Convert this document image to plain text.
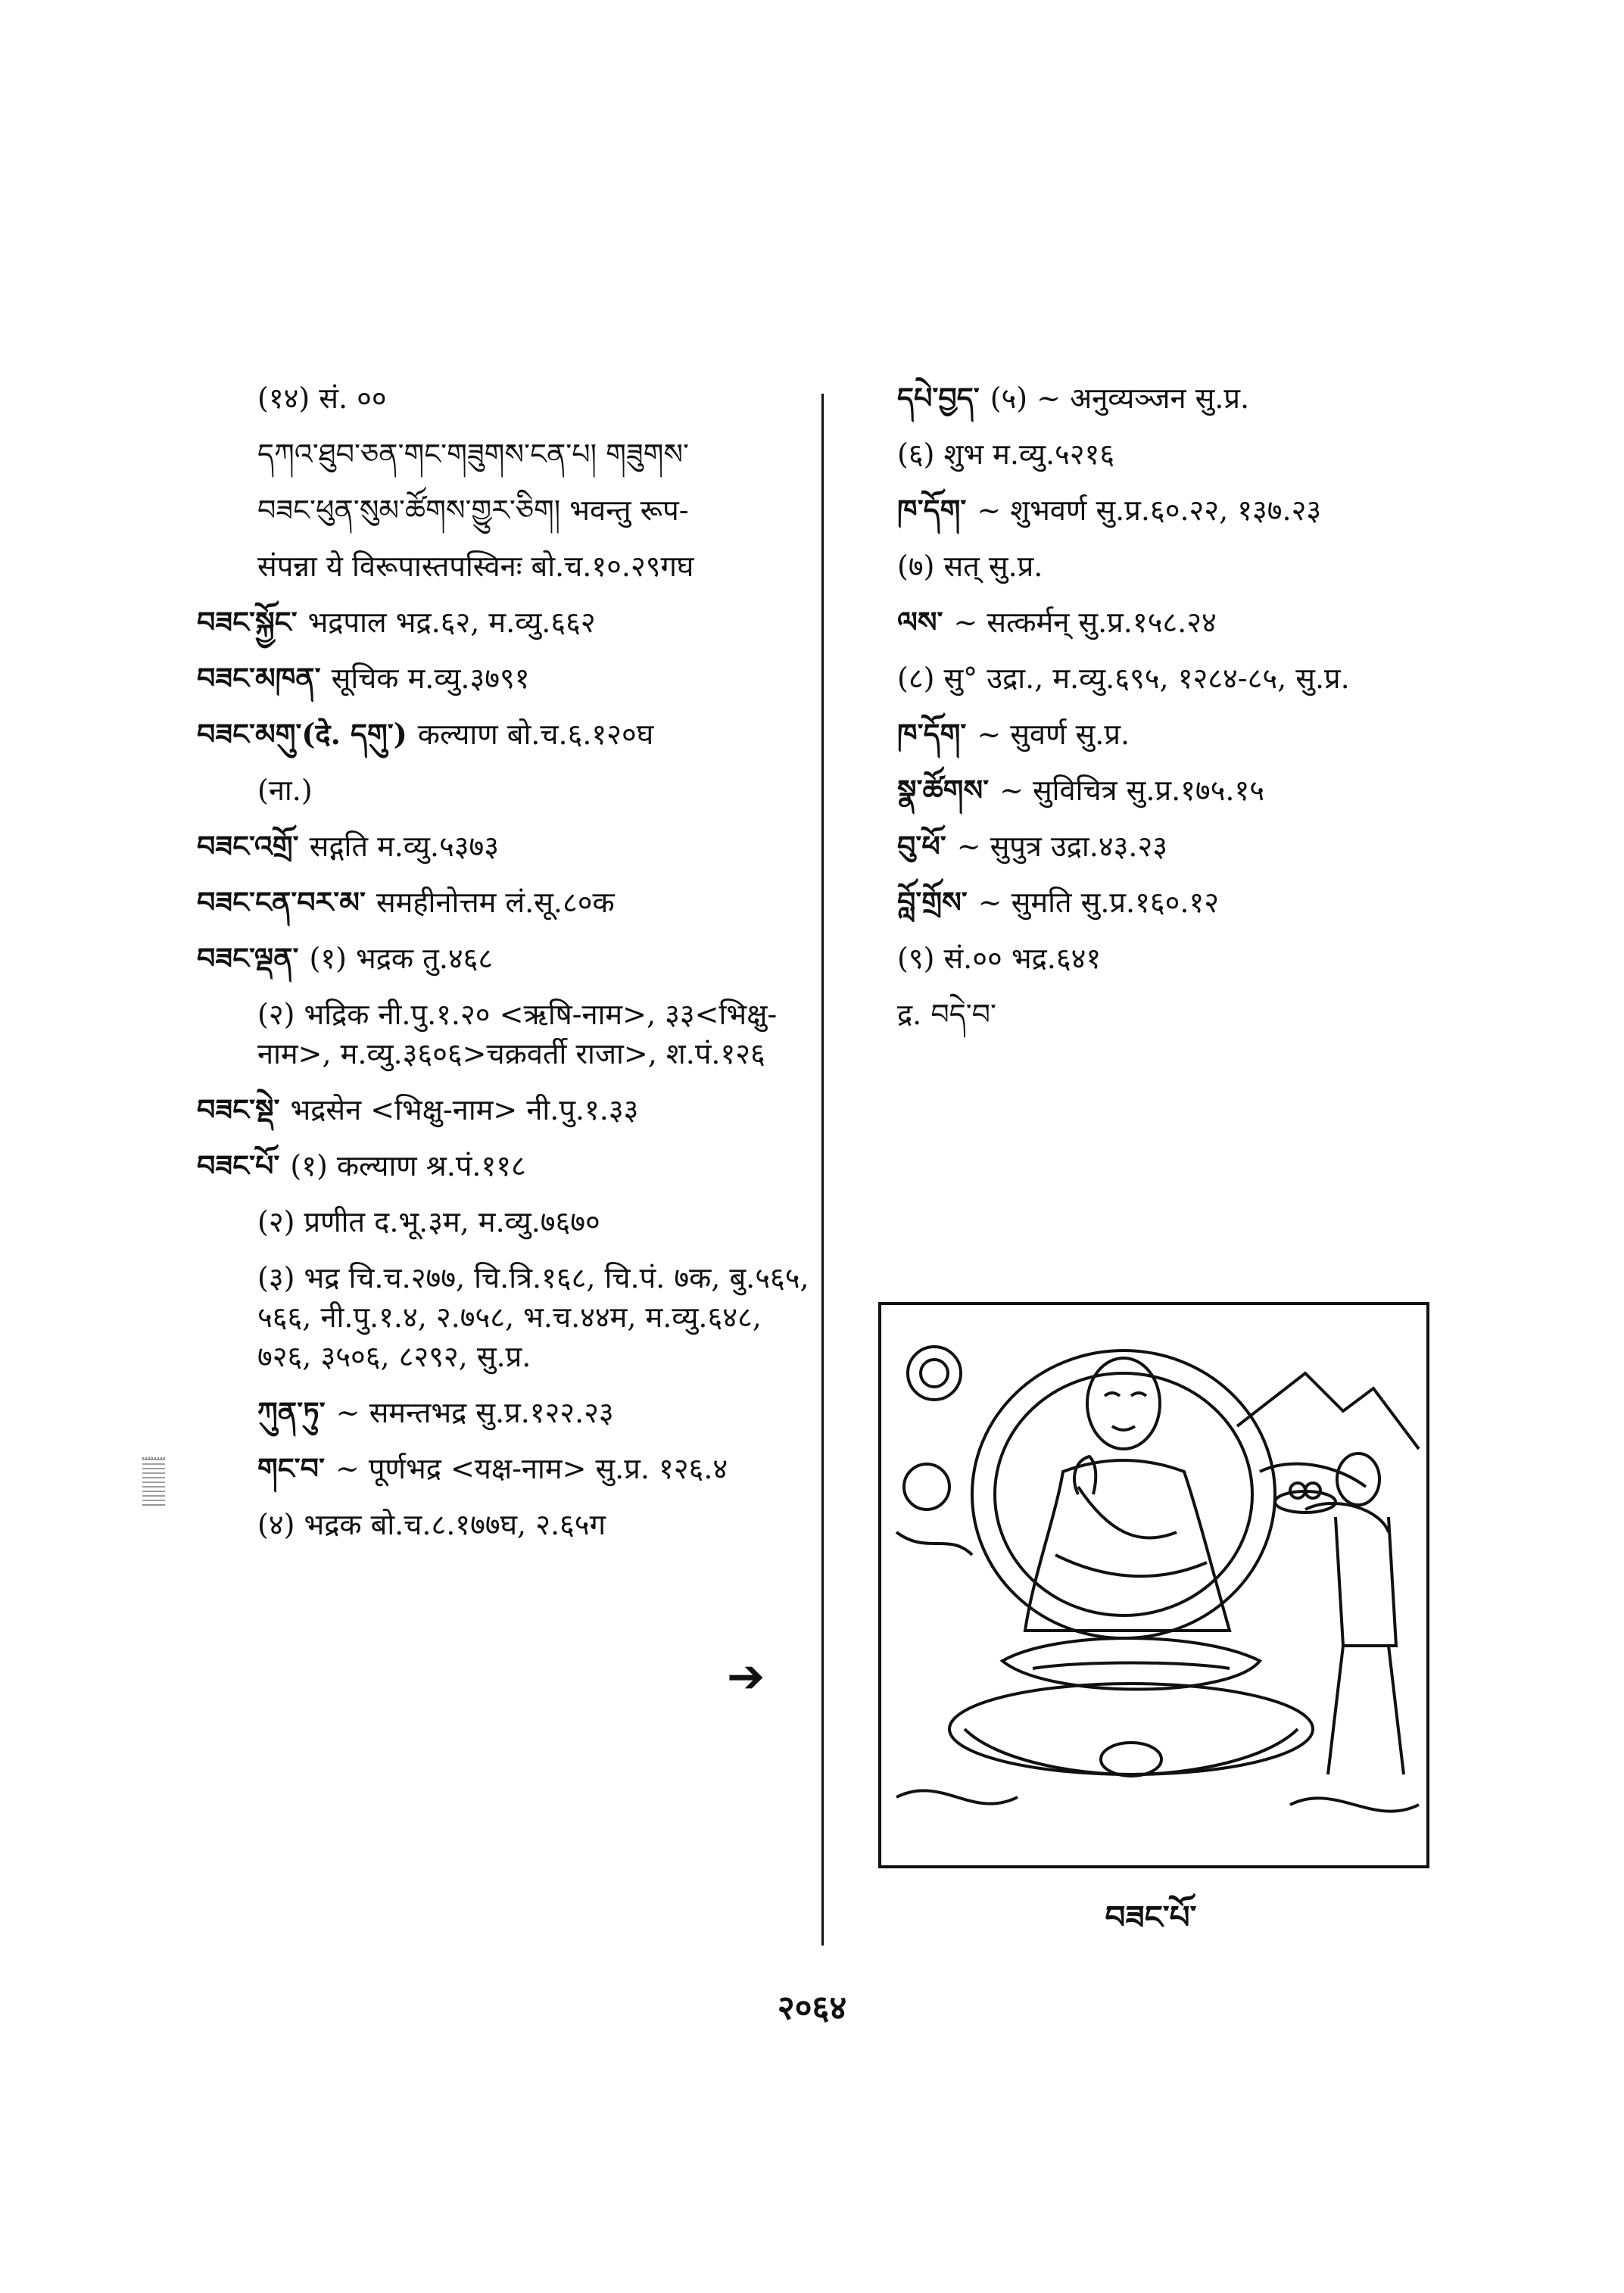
(१४) सं. ००
དཀའ་ཐུབ་ཅན་གང་གཟུགས་ངན་པ། གཟུགས་
བཟང་ཕུན་སུམ་ཚོགས་གྱུར་ཅིག། भवन्तु रूप-
संपन्ना ये विरूपास्तपस्विनः बो.च.१०.२९गघ
བཟང་སྐྱོང་ भद्रपाल भद्र.६२, म.व्यु.६६२
བཟང་མཁན་ सूचिक म.व्यु.३७९१
བཟང་མགུ་(दे. དགུ་) कल्याण बो.च.६.१२०घ
(ना.)
བཟང་འགྲོ་ सद्गति म.व्यु.५३७३
བཟང་ངན་བར་མ་ समहीनोत्तम लं.सू.८०क
བཟང་ལྡན་ (१) भद्रक तु.४६८
(२) भद्रिक नी.पु.१.२० <ऋषि-नाम>, ३३<भिक्षु-नाम>, म.व्यु.३६०६>चक्रवर्ती राजा>, श.पं.१२६
བཟང་སྡེ་ भद्रसेन <भिक्षु-नाम> नी.पु.१.३३
བཟང་པོ་ (१) कल्याण श्र.पं.११८
(२) प्रणीत द.भू.३म, म.व्यु.७६७०
(३) भद्र चि.च.२७७, चि.त्रि.१६८, चि.पं. ७क, बु.५६५, ५६६, नी.पु.१.४, २.७५८, भ.च.४४म, म.व्यु.६४८, ७२६, ३५०६, ८२९२, सु.प्र.
ཀུན་ཏུ་ ~ समन्तभद्र सु.प्र.१२२.२३
གང་བ་ ~ पूर्णभद्र <यक्ष-नाम> सु.प्र. १२६.४
(४) भद्रक बो.च.८.१७७घ, २.६५ग
➔
དཔེ་བྱད་ (५) ~ अनुव्यञ्जन सु.प्र.
(६) शुभ म.व्यु.५२१६
ཁ་དོག་ ~ शुभवर्ण सु.प्र.६०.२२, १३७.२३
(७) सत् सु.प्र.
ལས་ ~ सत्कर्मन् सु.प्र.१५८.२४
(८) सु° उद्रा., म.व्यु.६९५, १२८४-८५, सु.प्र.
ཁ་དོག་ ~ सुवर्ण सु.प्र.
སྣ་ཚོགས་ ~ सुविचित्र सु.प्र.१७५.१५
བུ་ཕོ་ ~ सुपुत्र उद्रा.४३.२३
བློ་གྲོས་ ~ सुमति सु.प्र.१६०.१२
(९) सं.०० भद्र.६४१
द्र. བདེ་བ་
བཟང་པོ་
२०६४
